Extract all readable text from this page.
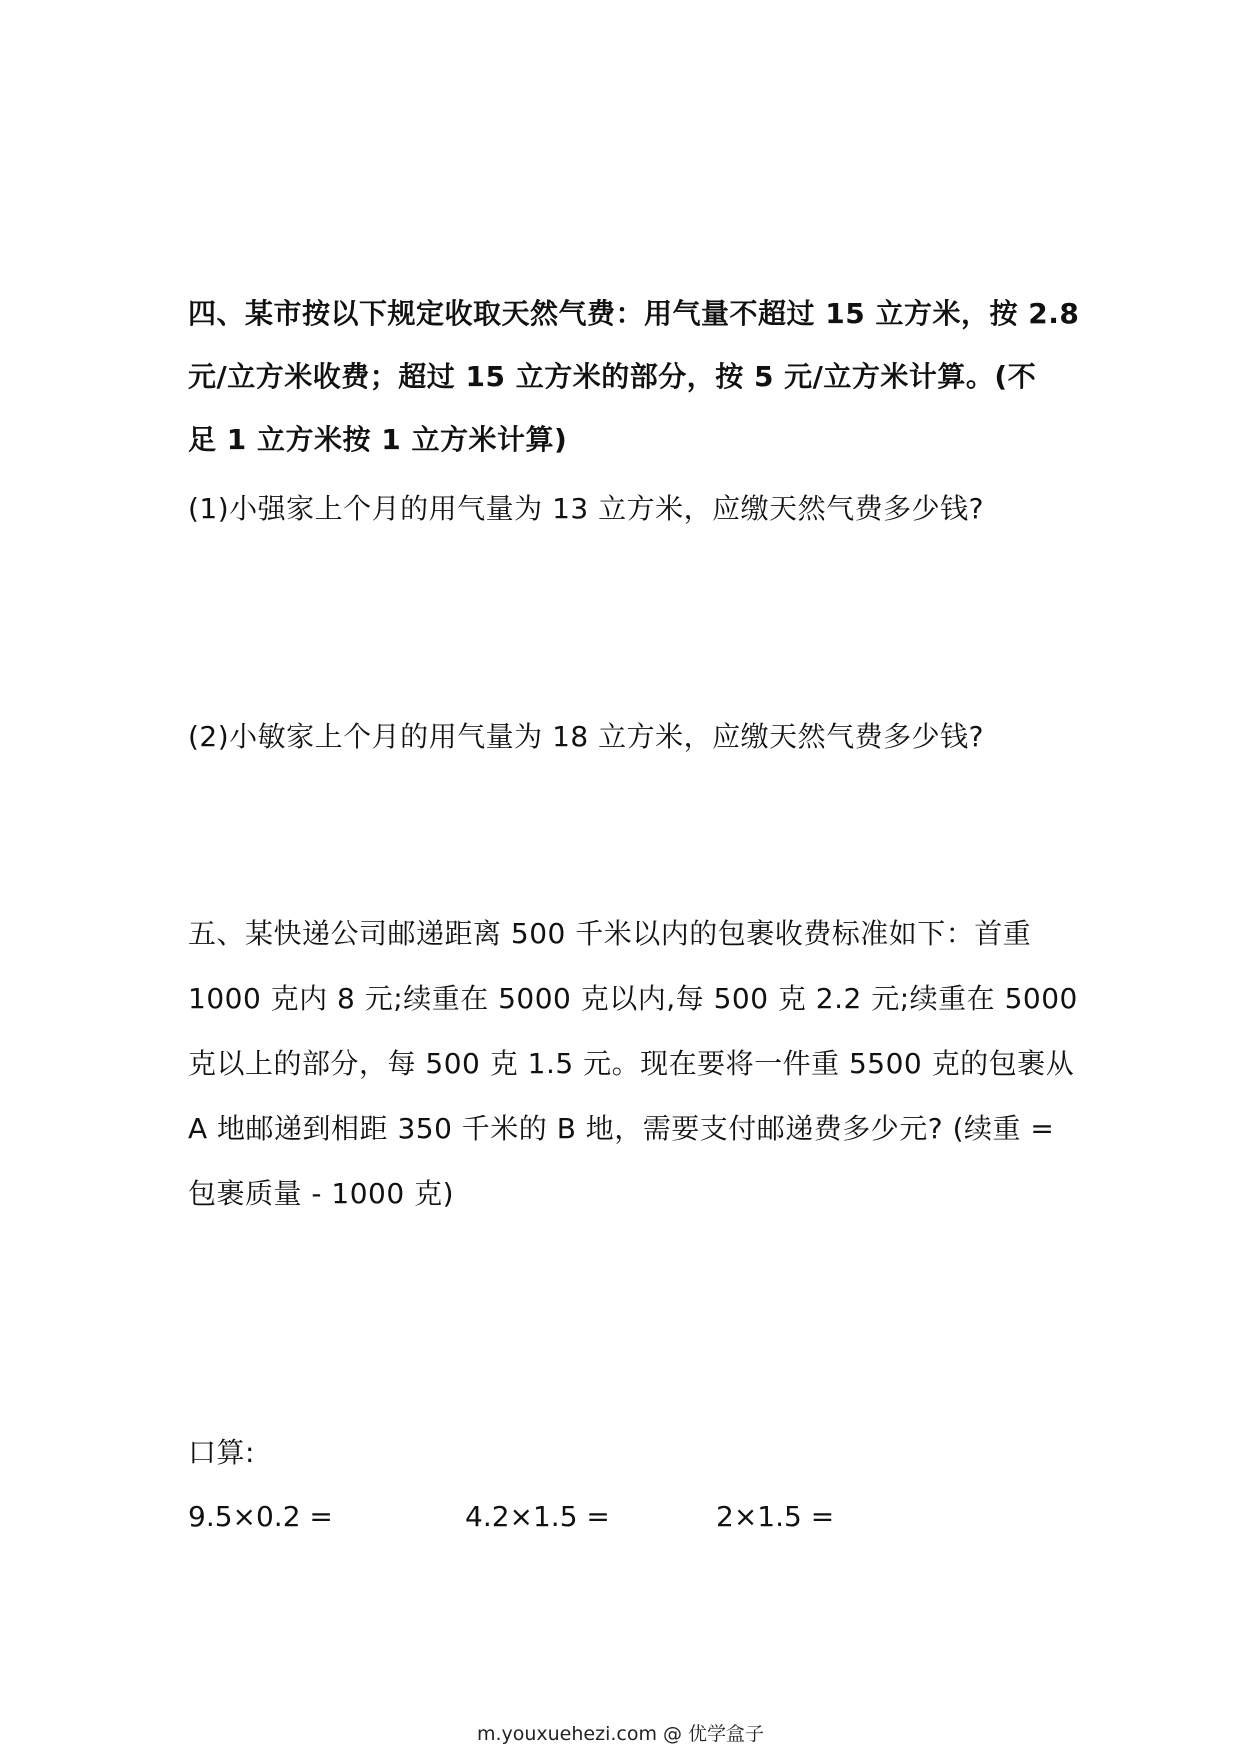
四、某市按以下规定收取天然气费：用气量不超过 15 立方米，按 2.8
元/立方米收费；超过 15 立方米的部分，按 5 元/立方米计算。(不
足 1 立方米按 1 立方米计算)
(1)小强家上个月的用气量为 13 立方米，应缴天然气费多少钱?
(2)小敏家上个月的用气量为 18 立方米，应缴天然气费多少钱?
五、某快递公司邮递距离 500 千米以内的包裹收费标准如下：首重
1000 克内 8 元;续重在 5000 克以内,每 500 克 2.2 元;续重在 5000
克以上的部分，每 500 克 1.5 元。现在要将一件重 5500 克的包裹从
A 地邮递到相距 350 千米的 B 地，需要支付邮递费多少元? (续重 =
包裹质量 - 1000 克)
口算:
9.5×0.2 =	4.2×1.5 =	2×1.5 =
m.youxuehezi.com @ 优学盒子
